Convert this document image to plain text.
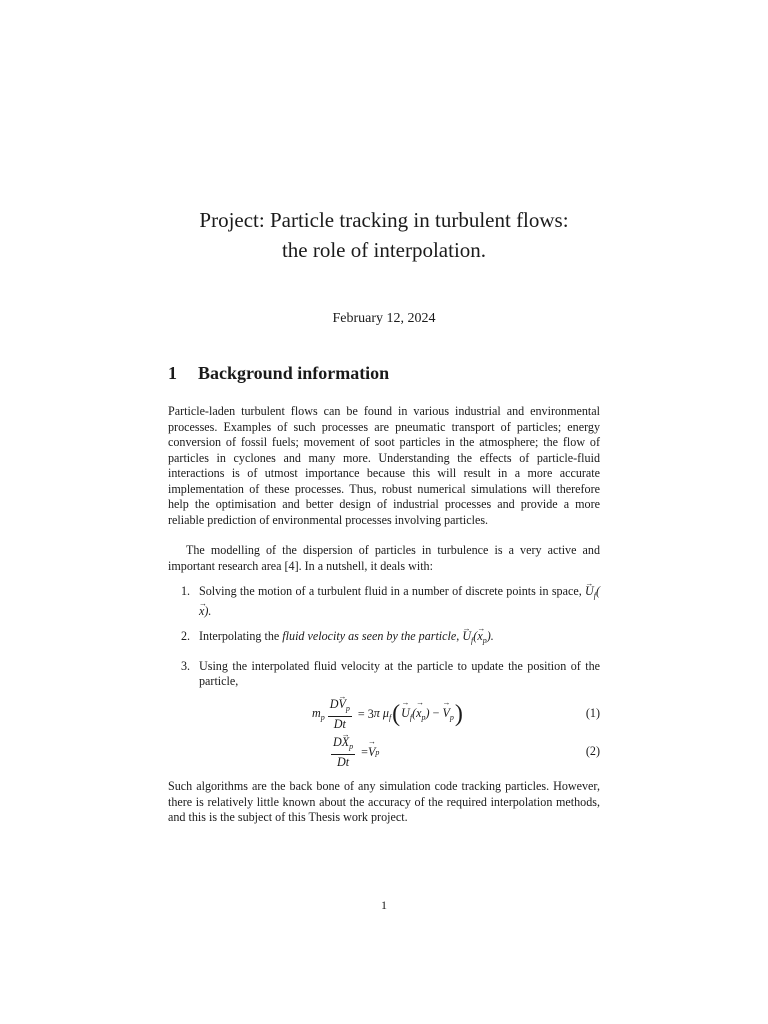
Project: Particle tracking in turbulent flows:
the role of interpolation.
February 12, 2024
1 Background information
Particle-laden turbulent flows can be found in various industrial and environmental processes. Examples of such processes are pneumatic transport of particles; energy conversion of fossil fuels; movement of soot particles in the atmosphere; the flow of particles in cyclones and many more. Understanding the effects of particle-fluid interactions is of utmost importance because this will result in a more accurate implementation of these processes. Thus, robust numerical simulations will therefore help the optimisation and better design of industrial processes and provide a more reliable prediction of environmental processes involving particles.
The modelling of the dispersion of particles in turbulence is a very active and important research area [4]. In a nutshell, it deals with:
1. Solving the motion of a turbulent fluid in a number of discrete points in space, → $U_f(\to x)$.
2. Interpolating the fluid velocity as seen by the particle, → $U_f(\to x_p)$.
3. Using the interpolated fluid velocity at the particle to update the position of the particle,
$m_p \frac{D\to V_p}{Dt} = 3$ π $\mu_f$ ( → $U_f(\to x_p)$ − → $V_p$ )	(1)
$\frac{D\to X_p}{Dt}$ = → V p	(2)
Such algorithms are the back bone of any simulation code tracking particles. However, there is relatively little known about the accuracy of the required interpolation methods, and this is the subject of this Thesis work project.
1
